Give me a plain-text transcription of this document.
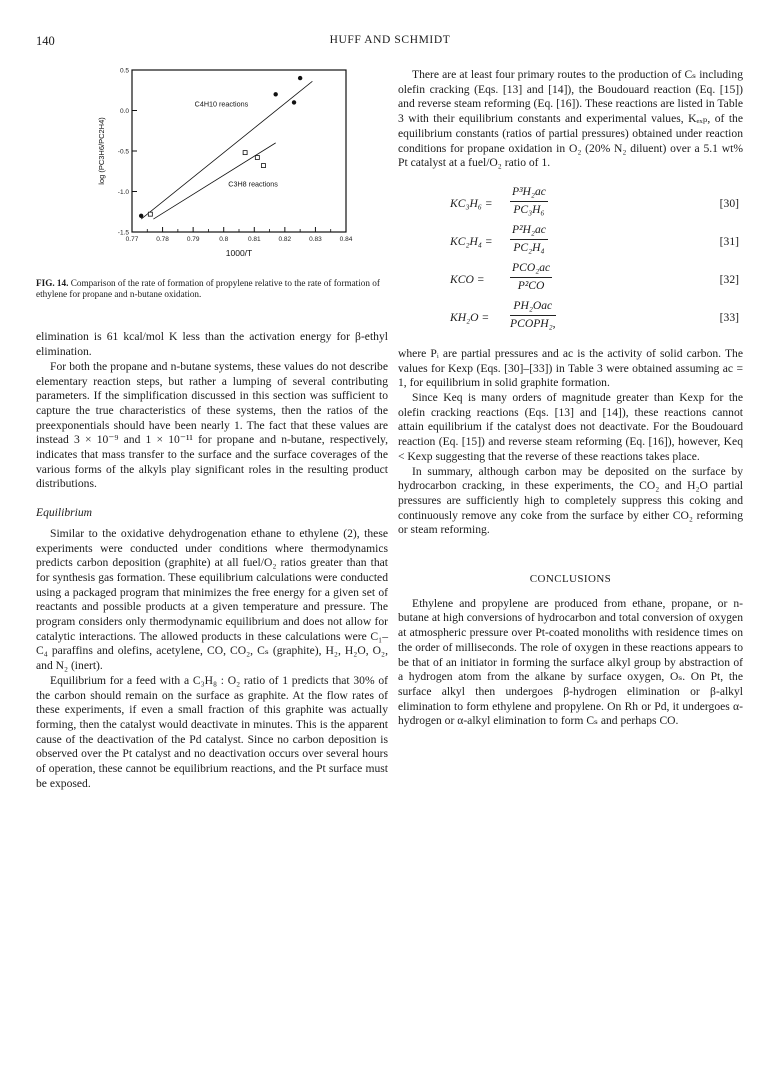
140	HUFF AND SCHMIDT
0.77	0.78	0.79	0.8	0.81	0.82	0.83	0.84
0.5
0.0
-0.5
-1.0
-1.5
1000/T
log (PC3H6/PC2H4)
C4H10 reactions
C3H8 reactions
FIG. 14. Comparison of the rate of formation of propylene relative to the rate of formation of ethylene for propane and n-butane oxidation.

elimination is 61 kcal/mol K less than the activation energy for β-ethyl elimination.

For both the propane and n-butane systems, these values do not describe elementary reaction steps, but rather a lumping of several contributing parameters. If the simplification discussed in this section was sufficient to capture the true characteristics of these systems, then the ratios of the preexponentials should have been nearly 1. The fact that these values are instead 3 × 10⁻⁹ and 1 × 10⁻¹¹ for propane and n-butane, respectively, indicates that mass transfer to the surface and the surface coverages of the various forms of the alkyls play significant roles in the resulting product distributions.

Equilibrium

Similar to the oxidative dehydrogenation ethane to ethylene (2), these experiments were conducted under conditions where thermodynamics predicts carbon deposition (graphite) at all fuel/O₂ ratios greater than that for synthesis gas formation. These equilibrium calculations were conducted using a packaged program that minimizes the free energy for a given set of reactants and possible products at a given temperature and pressure. The program considers only thermodynamic equilibrium and does not allow for catalytic interactions. The allowed products in these calculations were C₁–C₄ paraffins and olefins, acetylene, CO, CO₂, Cₛ (graphite), H₂, H₂O, O₂, and N₂ (inert).

Equilibrium for a feed with a C₃H₈ : O₂ ratio of 1 predicts that 30% of the carbon should remain on the surface as graphite. At the flow rates of these experiments, if even a small fraction of this graphite was actually forming, then the catalyst would deactivate in minutes. This is the apparent cause of the deactivation of the Pd catalyst. Since no carbon deposition is observed over the Pt catalyst and no deactivation occurs over several hours of operation, these cannot be equilibrium reactions, and the Pt surface must be exposed.

There are at least four primary routes to the production of Cₛ including olefin cracking (Eqs. [13] and [14]), the Boudouard reaction (Eq. [15]) and reverse steam reforming (Eq. [16]). These reactions are listed in Table 3 with their equilibrium constants and experimental values, Kₑₓₚ, of the equilibrium constants (ratios of partial pressures) obtained under reaction conditions for propane oxidation in O₂ (20% N₂ diluent) over a 5.1 wt% Pt catalyst at a fuel/O₂ ratio of 1.

$KC_3H_6 = \frac{\text{P³H₂ac}}{\text{PC₃H₆}}$	[30]
$KC_2H_4 = \frac{\text{P²H₂ac}}{\text{PC₂H₄}}$	[31]
KCO =
PCO₂ac
P²CO	[32]
KH₂O =
PH₂Oac
PCOPH₂,	[33]

where Pᵢ are partial pressures and ac is the activity of solid carbon. The values for Kexp (Eqs. [30]–[33]) in Table 3 were obtained assuming ac = 1, for equilibrium in solid graphite formation.

Since Keq is many orders of magnitude greater than Kexp for the olefin cracking reactions (Eqs. [13] and [14]), these reactions cannot attain equilibrium if the catalyst does not deactivate. For the Boudouard reaction (Eq. [15]) and reverse steam reforming (Eq. [16]), however, Keq < Kexp suggesting that the reverse of these reactions takes place.

In summary, although carbon may be deposited on the surface by hydrocarbon cracking, in these experiments, the CO₂ and H₂O partial pressures are sufficiently high to completely suppress this coking and continuously remove any coke from the surface by either CO₂ reforming or steam reforming.

CONCLUSIONS

Ethylene and propylene are produced from ethane, propane, or n-butane at high conversions of hydrocarbon and total conversion of oxygen at atmospheric pressure over Pt-coated monoliths with residence times on the order of milliseconds. The role of oxygen in these reactions appears to be that of an initiator in forming the surface alkyl group by abstraction of a hydrogen atom from the alkane by surface oxygen, Oₛ. On Pt, the surface alkyl then undergoes β-hydrogen elimination or β-alkyl elimination to form ethylene and propylene. On Rh or Pd, it undergoes α-hydrogen or α-alkyl elimination to form Cₛ and perhaps CO.
